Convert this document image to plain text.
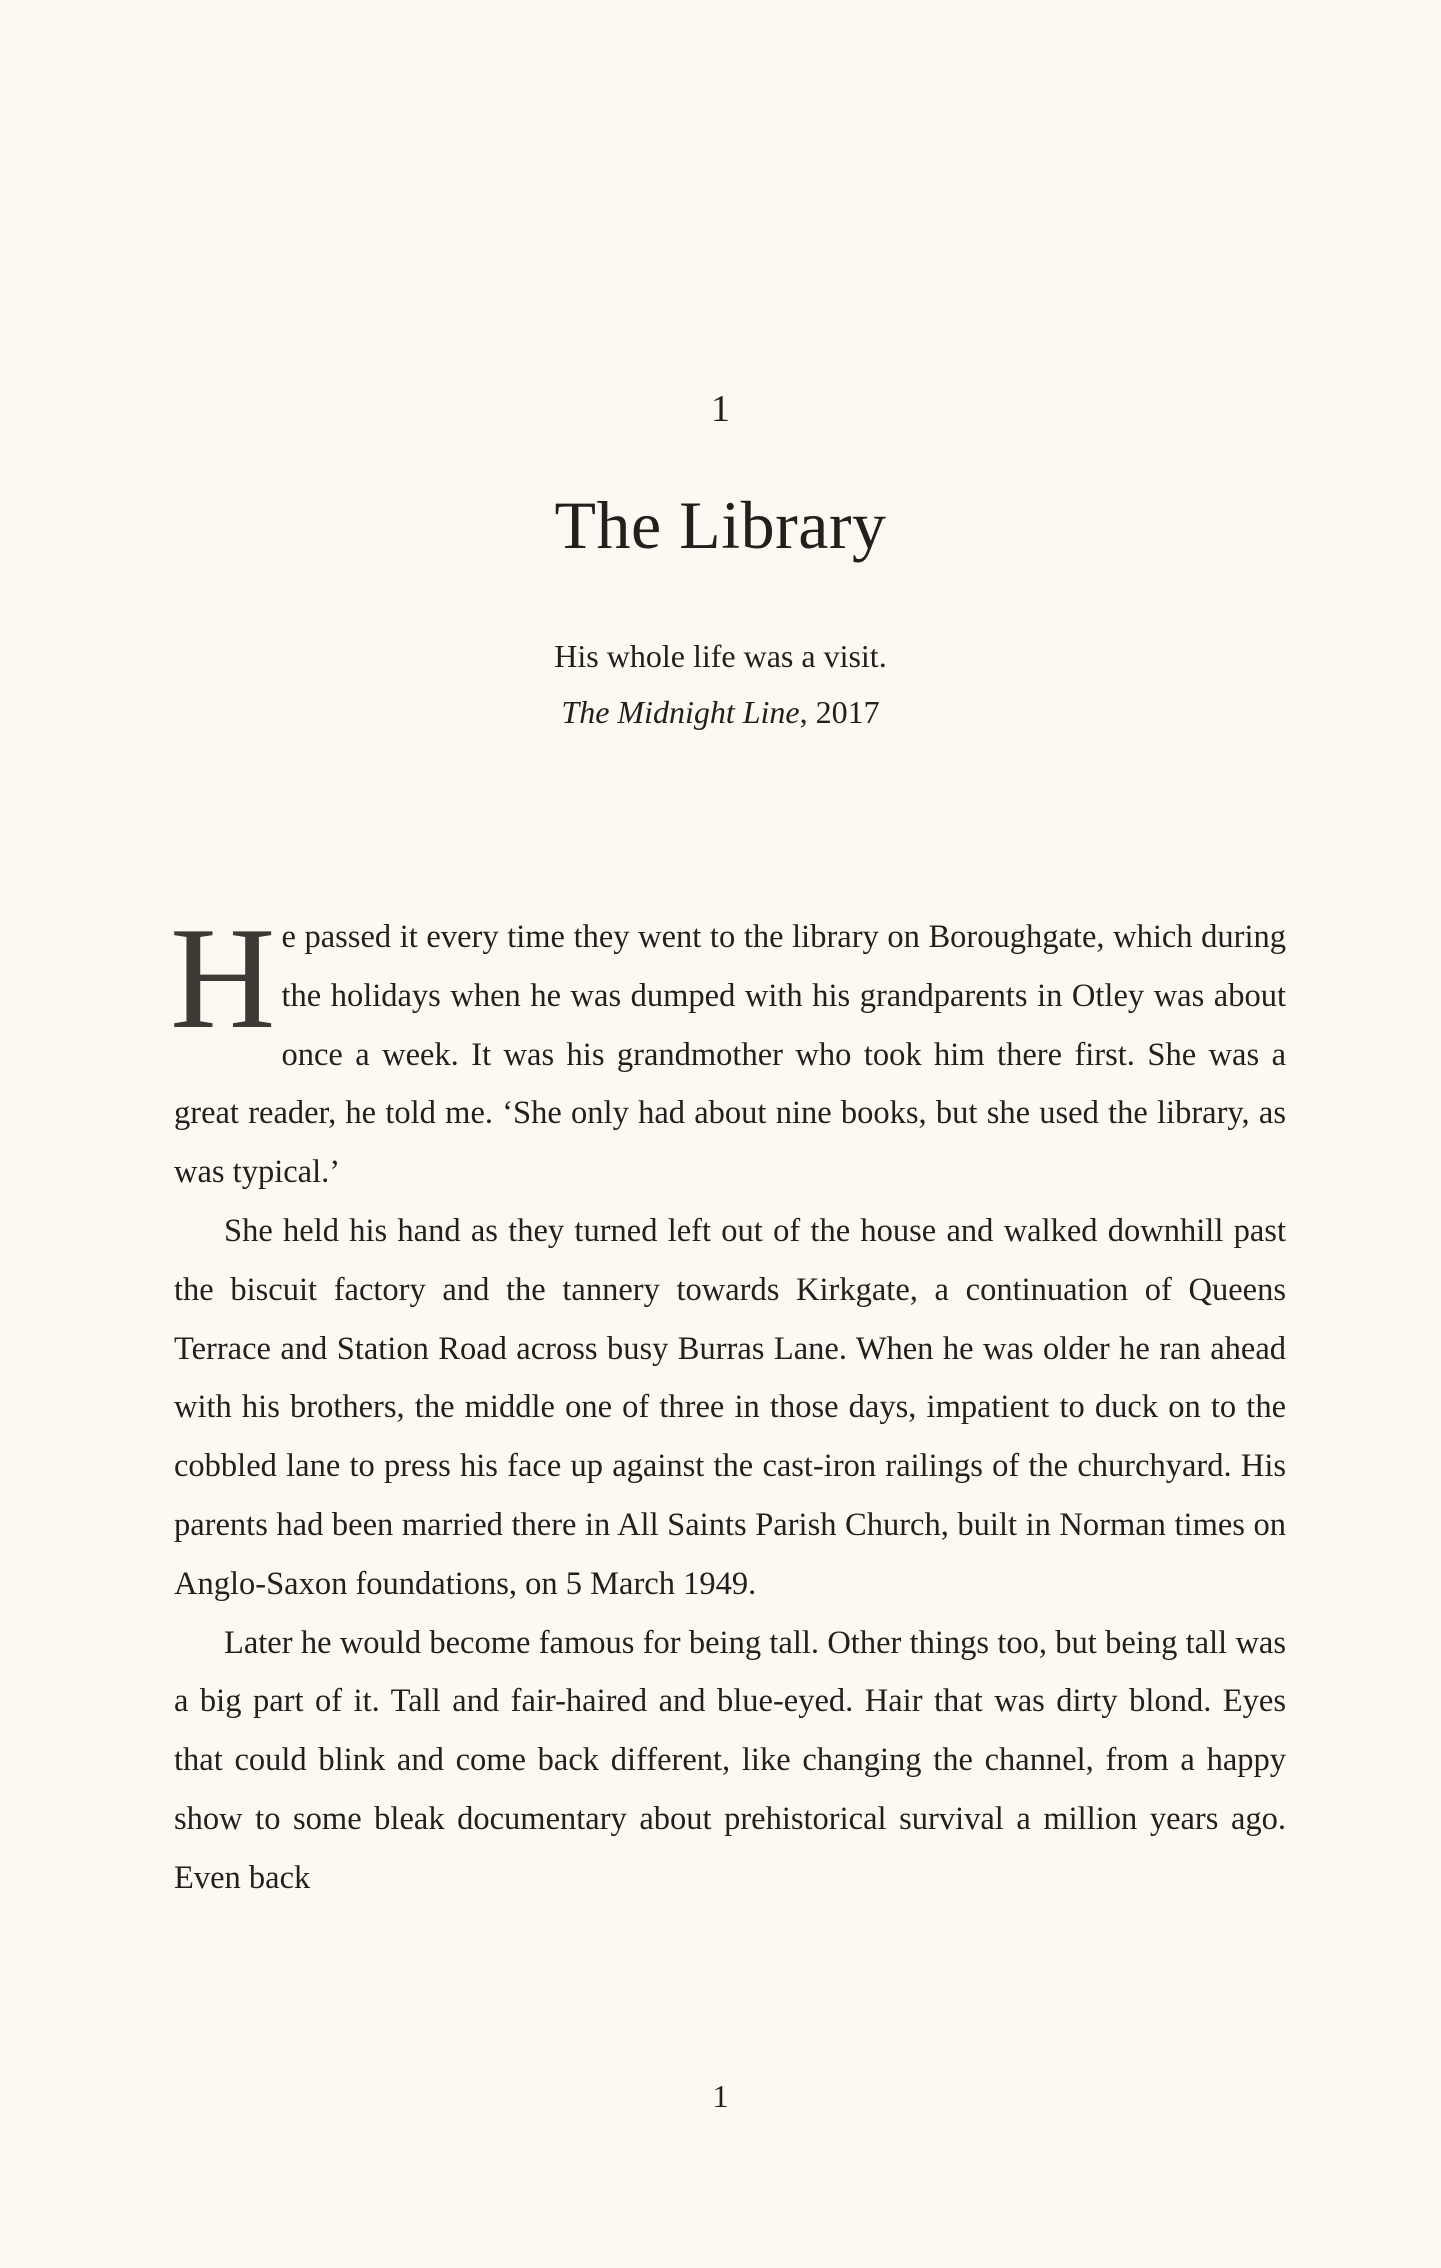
1
The Library
His whole life was a visit.
The Midnight Line, 2017

He passed it every time they went to the library on Boroughgate, which during the holidays when he was dumped with his grandparents in Otley was about once a week. It was his grandmother who took him there first. She was a great reader, he told me. ‘She only had about nine books, but she used the library, as was typical.’

She held his hand as they turned left out of the house and walked downhill past the biscuit factory and the tannery towards Kirkgate, a continuation of Queens Terrace and Station Road across busy Burras Lane. When he was older he ran ahead with his brothers, the middle one of three in those days, impatient to duck on to the cobbled lane to press his face up against the cast-iron railings of the churchyard. His parents had been married there in All Saints Parish Church, built in Norman times on Anglo-Saxon foundations, on 5 March 1949.

Later he would become famous for being tall. Other things too, but being tall was a big part of it. Tall and fair-haired and blue-eyed. Hair that was dirty blond. Eyes that could blink and come back different, like changing the channel, from a happy show to some bleak documentary about prehistorical survival a million years ago. Even back

1
